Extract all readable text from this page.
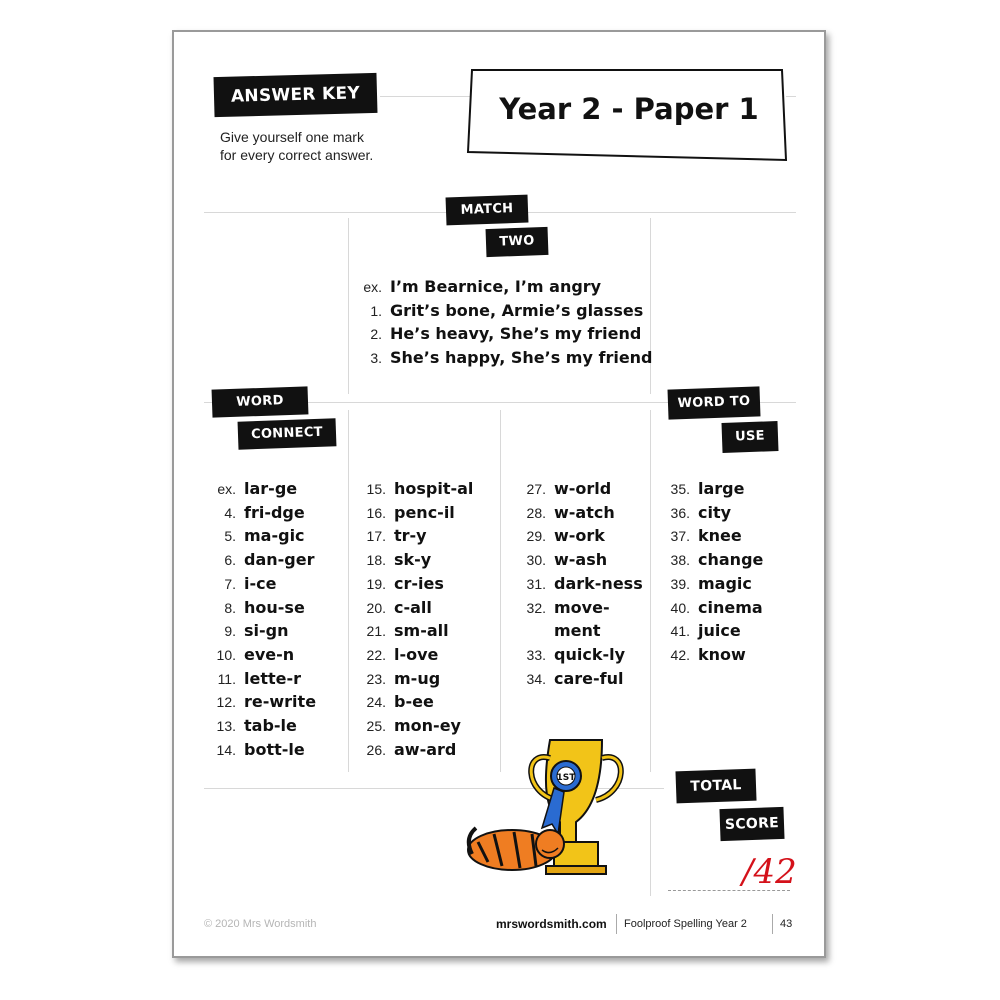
ANSWER KEY
Give yourself one mark
for every correct answer.
Year 2 - Paper 1
MATCH
TWO
ex. I’m Bearnice, I’m angry
1. Grit’s bone, Armie’s glasses
2. He’s heavy, She’s my friend
3. She’s happy, She’s my friend
WORD
CONNECT
WORD TO
USE
ex. lar-ge
4. fri-dge
5. ma-gic
6. dan-ger
7. i-ce
8. hou-se
9. si-gn
10. eve-n
11. lette-r
12. re-write
13. tab-le
14. bott-le
15. hospit-al
16. penc-il
17. tr-y
18. sk-y
19. cr-ies
20. c-all
21. sm-all
22. l-ove
23. m-ug
24. b-ee
25. mon-ey
26. aw-ard
27. w-orld
28. w-atch
29. w-ork
30. w-ash
31. dark-ness
32. move-
ment
33. quick-ly
34. care-ful
35. large
36. city
37. knee
38. change
39. magic
40. cinema
41. juice
42. know
TOTAL
SCORE
/42
1ST
© 2020 Mrs Wordsmith	mrswordsmith.com Foolproof Spelling Year 2	43
